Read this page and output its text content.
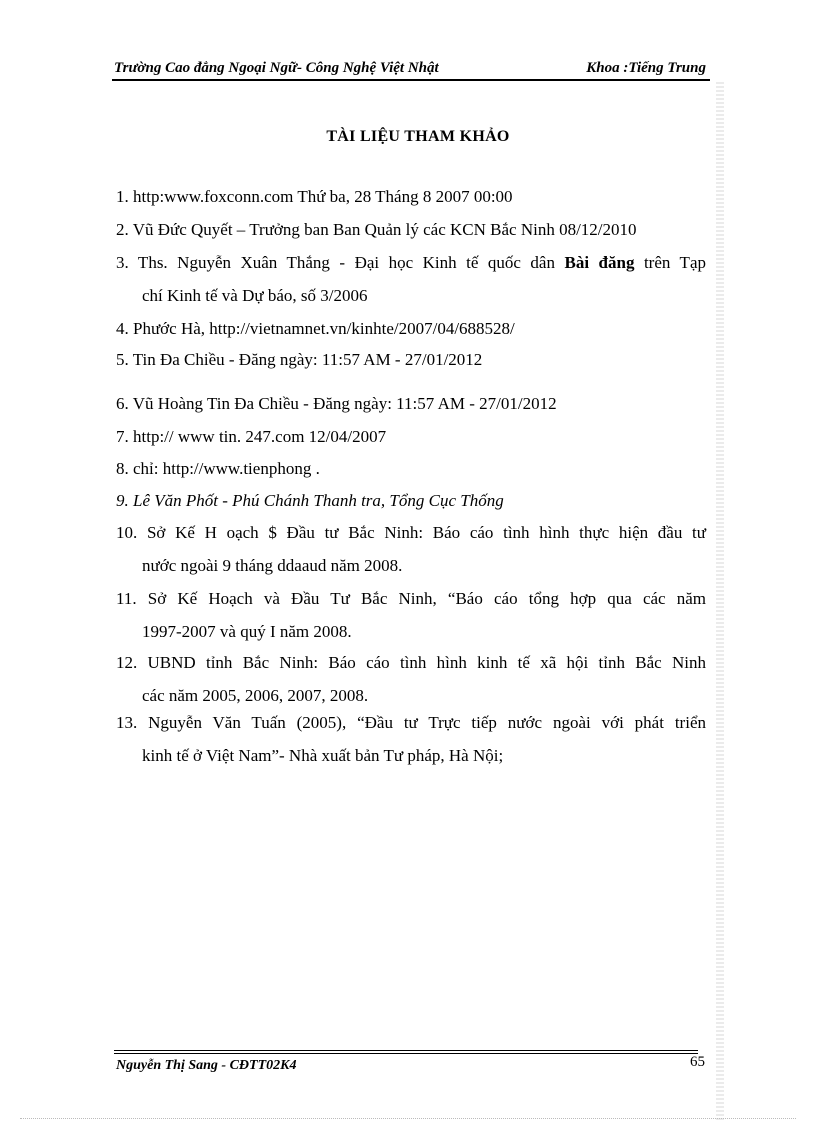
Trường Cao đẳng Ngoại Ngữ- Công Nghệ Việt Nhật	Khoa :Tiếng Trung
TÀI LIỆU THAM KHẢO
1. http:www.foxconn.com Thứ ba, 28 Tháng 8 2007 00:00
2. Vũ Đức Quyết – Trưởng ban Ban Quản lý các KCN Bắc Ninh 08/12/2010
3. Ths. Nguyễn Xuân Thắng - Đại học Kinh tế quốc dân Bài đăng trên Tạp
chí Kinh tế và Dự báo, số 3/2006
4. Phước Hà, http://vietnamnet.vn/kinhte/2007/04/688528/
5. Tin Đa Chiều - Đăng ngày: 11:57 AM - 27/01/2012
6. Vũ Hoàng Tin Đa Chiều - Đăng ngày: 11:57 AM - 27/01/2012
7. http:// www tin. 247.com 12/04/2007
8. chỉ: http://www.tienphong .
9. Lê Văn Phốt - Phú Chánh Thanh tra, Tổng Cục Thống
10. Sở Kế H oạch $ Đầu tư Bắc Ninh: Báo cáo tình hình thực hiện đầu tư
nước ngoài 9 tháng ddaaud năm 2008.
11. Sở Kế Hoạch và Đầu Tư Bắc Ninh, “Báo cáo tổng hợp qua các năm
1997-2007 và quý I năm 2008.
12. UBND tỉnh Bắc Ninh: Báo cáo tình hình kinh tế xã hội tỉnh Bắc Ninh
các năm 2005, 2006, 2007, 2008.
13. Nguyễn Văn Tuấn (2005), “Đầu tư Trực tiếp nước ngoài với phát triển
kinh tế ở Việt Nam”- Nhà xuất bản Tư pháp, Hà Nội;
Nguyễn Thị Sang - CĐTT02K4	65
